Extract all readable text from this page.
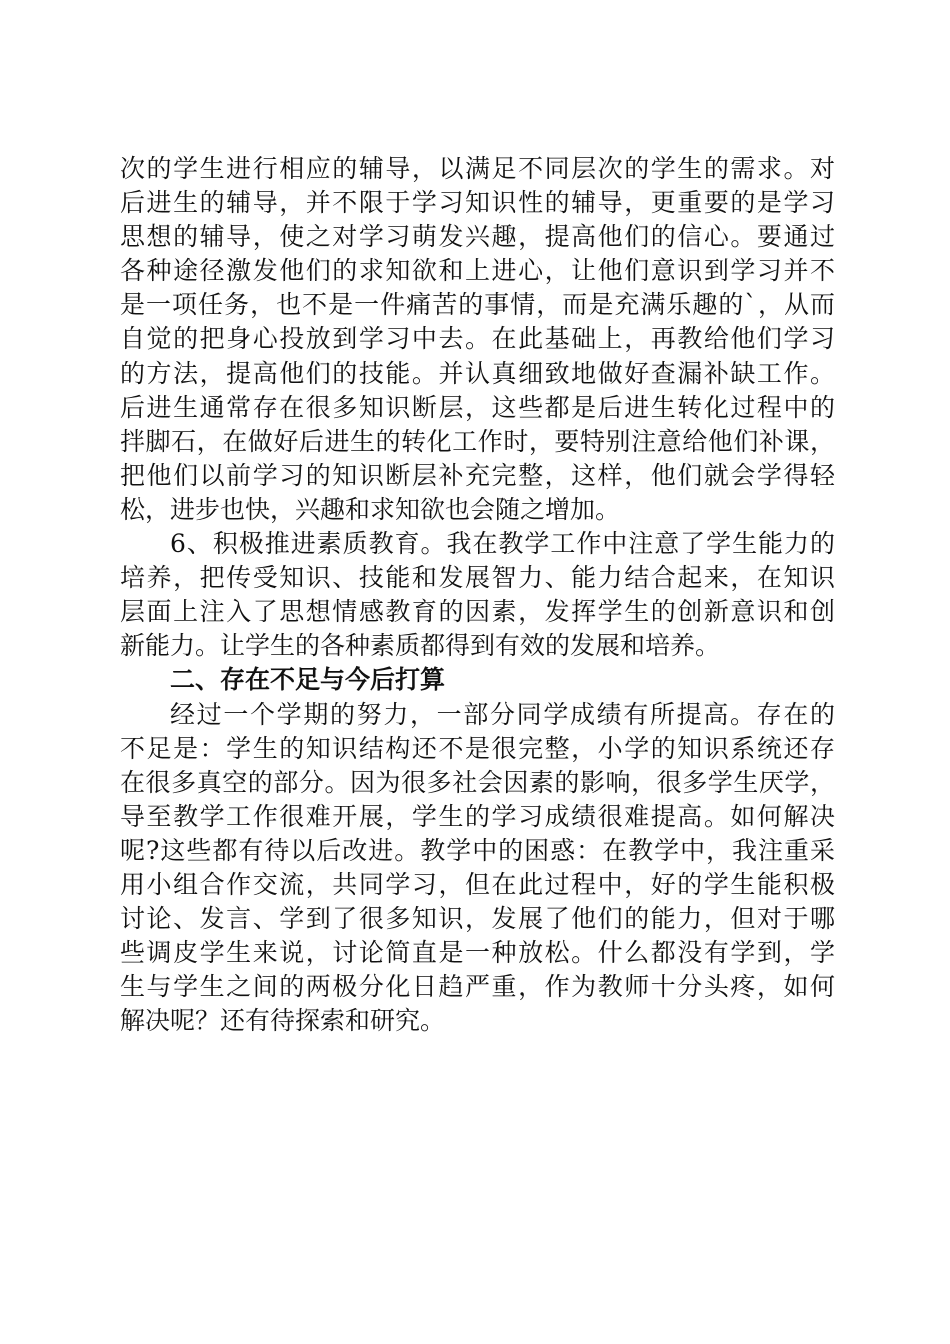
次的学生进行相应的辅导，以满足不同层次的学生的需求。对
后进生的辅导，并不限于学习知识性的辅导，更重要的是学习
思想的辅导，使之对学习萌发兴趣，提高他们的信心。要通过
各种途径激发他们的求知欲和上进心，让他们意识到学习并不
是一项任务，也不是一件痛苦的事情，而是充满乐趣的`，从而
自觉的把身心投放到学习中去。在此基础上，再教给他们学习
的方法，提高他们的技能。并认真细致地做好查漏补缺工作。
后进生通常存在很多知识断层，这些都是后进生转化过程中的
拌脚石，在做好后进生的转化工作时，要特别注意给他们补课，
把他们以前学习的知识断层补充完整，这样，他们就会学得轻
松，进步也快，兴趣和求知欲也会随之增加。
6、积极推进素质教育。我在教学工作中注意了学生能力的
培养，把传受知识、技能和发展智力、能力结合起来，在知识
层面上注入了思想情感教育的因素，发挥学生的创新意识和创
新能力。让学生的各种素质都得到有效的发展和培养。
二、存在不足与今后打算
经过一个学期的努力，一部分同学成绩有所提高。存在的
不足是：学生的知识结构还不是很完整，小学的知识系统还存
在很多真空的部分。因为很多社会因素的影响，很多学生厌学，
导至教学工作很难开展，学生的学习成绩很难提高。如何解决
呢?这些都有待以后改进。教学中的困惑：在教学中，我注重采
用小组合作交流，共同学习，但在此过程中，好的学生能积极
讨论、发言、学到了很多知识，发展了他们的能力，但对于哪
些调皮学生来说，讨论简直是一种放松。什么都没有学到，学
生与学生之间的两极分化日趋严重，作为教师十分头疼，如何
解决呢？还有待探索和研究。
